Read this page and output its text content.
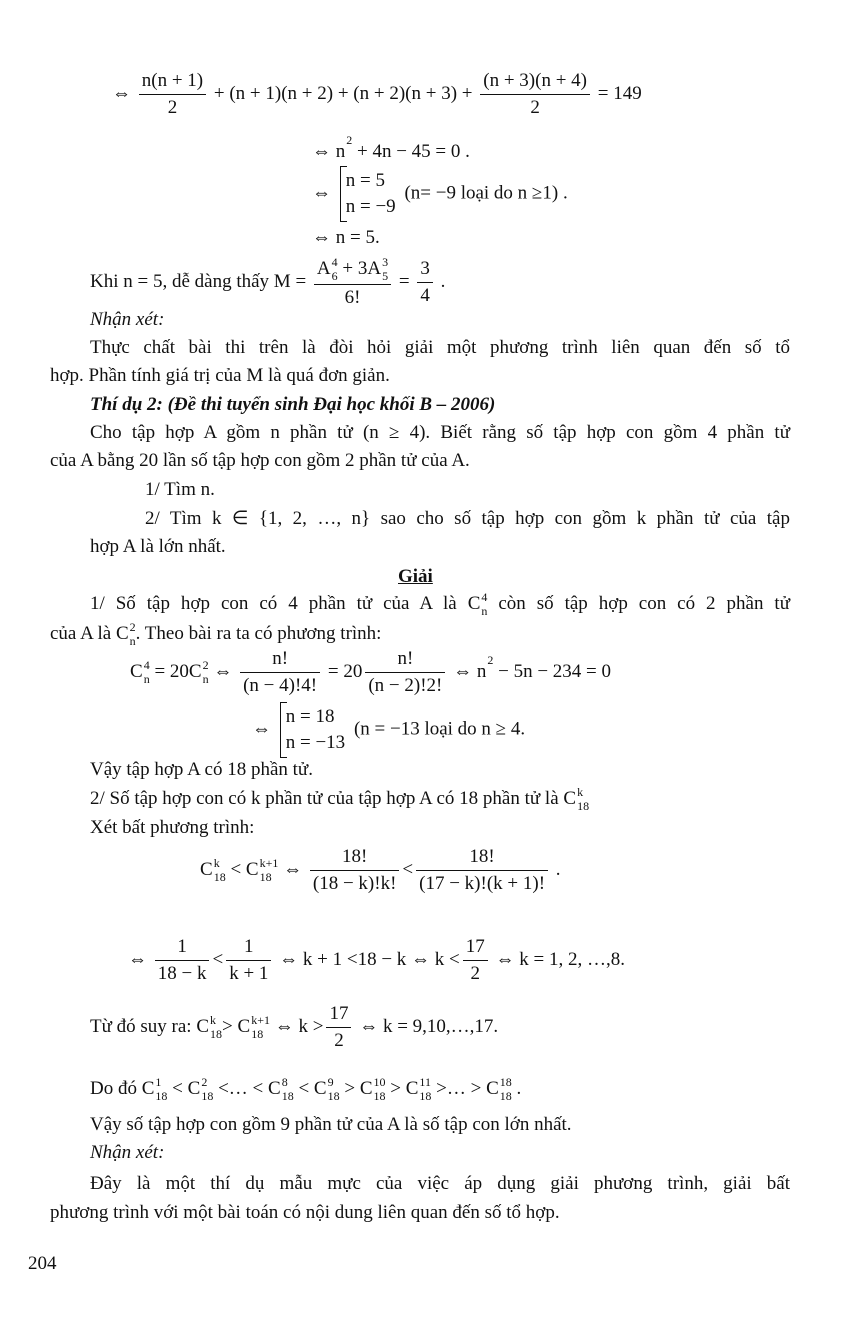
⇔ $\frac{n(n + 1)}{2} + (n + 1)(n + 2) + (n + 2)(n + 3) + \frac{(n + 3)(n + 4)}{2} = 149$
⇔ n
2

+ 4n − 45 = 0 .
⇔
n = 5
n = −9
(n= −9 loại do n ≥1) .
⇔ n = 5.
Khi n = 5, dễ dàng thấy M = A 4
6 + 3 A 3
5
6! = $\frac{3}{4}$ .
Nhận xét:
Thực chất bài thi trên là đòi hỏi giải một phương trình liên quan đến số tổ
hợp. Phần tính giá trị của M là quá đơn giản.
Thí dụ 2: (Đề thi tuyển sinh Đại học khối B – 2006)
Cho tập hợp A gồm n phần tử (n ≥ 4). Biết rằng số tập hợp con gồm 4 phần tử
của A bằng 20 lần số tập hợp con gồm 2 phần tử của A.
1/ Tìm n.
2/ Tìm k ∈ {1, 2, …, n} sao cho số tập hợp con gồm k phần tử của tập
hợp A là lớn nhất.
Giải
1/ Số tập hợp con có 4 phần tử của A là C 4
n còn số tập hợp con có 2 phần tử
của A là C 2
n . Theo bài ra ta có phương trình:
C 4
n = 20 C 2
n ⇔ $\frac{n!}{(n - 4)!4!} = 20 \frac{n!}{(n - 2)!2!}$ ⇔ n
2

− 5n − 234 = 0
⇔
n = 18
n = −13
(n = −13 loại do n ≥ 4.
Vậy tập hợp A có 18 phần tử.
2/ Số tập hợp con có k phần tử của tập hợp A có 18 phần tử là C k
18
Xét bất phương trình:
C k
18 < C k+1
18 ⇔ $\frac{18!}{(18 - k)!k!} < \frac{18!}{(17 - k)!(k + 1)!}$ .
⇔ $\frac{1}{18 - k} < \frac{1}{k + 1}$ ⇔ k + 1 <18 − k ⇔ $k < \frac{17}{2}$ ⇔ k = 1, 2, …,8.
Từ đó suy ra: C k
18 > C k+1
18 ⇔ $k > \frac{17}{2}$ ⇔ k = 9,10,…,17.
Do đó C 1
18 < C 2
18 <… < C 8
18 < C 9
18 > C 10
18 > C 11
18 >… > C 18
18 .
Vậy số tập hợp con gồm 9 phần tử của A là số tập con lớn nhất.
Nhận xét:
Đây là một thí dụ mẫu mực của việc áp dụng giải phương trình, giải bất
phương trình với một bài toán có nội dung liên quan đến số tổ hợp.
204
